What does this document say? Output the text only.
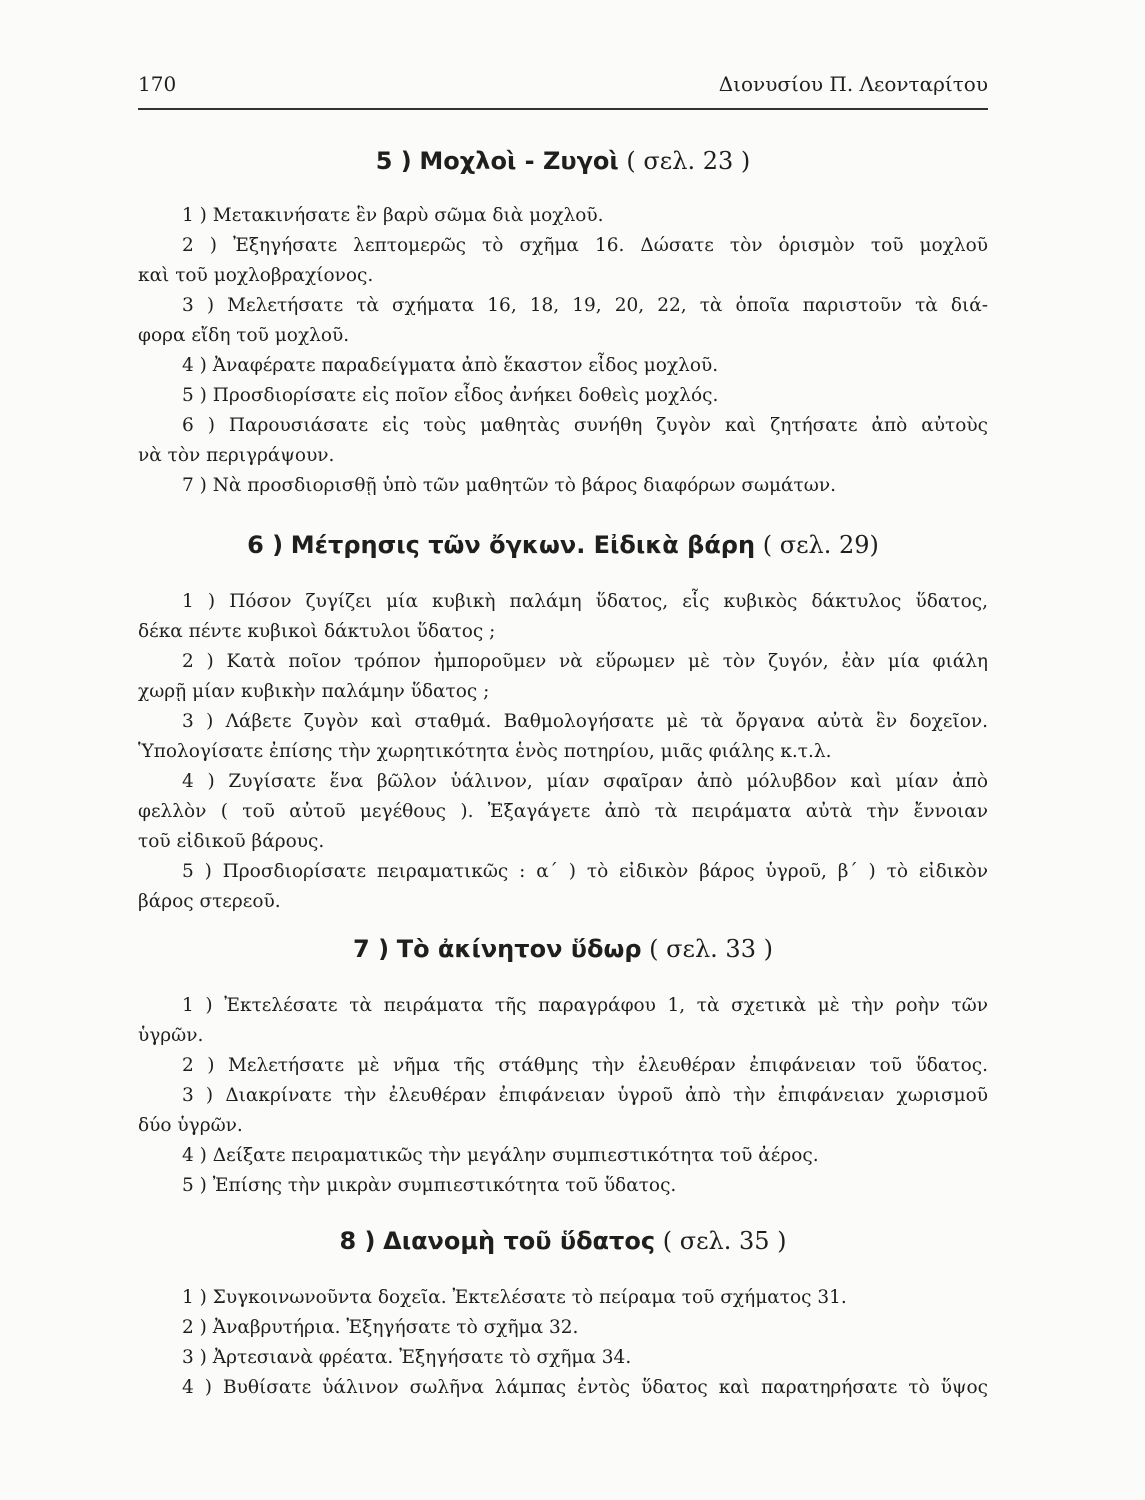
170	Διονυσίου Π. Λεονταρίτου
5 ) Μοχλοὶ - Ζυγοὶ ( σελ. 23 )
1 ) Μετακινήσατε ἓν βαρὺ σῶμα διὰ μοχλοῦ.
2 ) Ἐξηγήσατε λεπτομερῶς τὸ σχῆμα 16. Δώσατε τὸν ὁρισμὸν τοῦ μοχλοῦ
καὶ τοῦ μοχλοβραχίονος.
3 ) Μελετήσατε τὰ σχήματα 16, 18, 19, 20, 22, τὰ ὁποῖα παριστοῦν τὰ διά-
φορα εἴδη τοῦ μοχλοῦ.
4 ) Ἀναφέρατε παραδείγματα ἀπὸ ἕκαστον εἶδος μοχλοῦ.
5 ) Προσδιορίσατε εἰς ποῖον εἶδος ἀνήκει δοθεὶς μοχλός.
6 ) Παρουσιάσατε εἰς τοὺς μαθητὰς συνήθη ζυγὸν καὶ ζητήσατε ἀπὸ αὐτοὺς
νὰ τὸν περιγράψουν.
7 ) Νὰ προσδιορισθῇ ὑπὸ τῶν μαθητῶν τὸ βάρος διαφόρων σωμάτων.
6 ) Μέτρησις τῶν ὄγκων. Εἰδικὰ βάρη ( σελ. 29)
1 ) Πόσον ζυγίζει μία κυβικὴ παλάμη ὕδατος, εἷς κυβικὸς δάκτυλος ὕδατος,
δέκα πέντε κυβικοὶ δάκτυλοι ὕδατος ;
2 ) Κατὰ ποῖον τρόπον ἠμποροῦμεν νὰ εὕρωμεν μὲ τὸν ζυγόν, ἐὰν μία φιάλη
χωρῇ μίαν κυβικὴν παλάμην ὕδατος ;
3 ) Λάβετε ζυγὸν καὶ σταθμά. Βαθμολογήσατε μὲ τὰ ὄργανα αὐτὰ ἓν δοχεῖον.
Ὑπολογίσατε ἐπίσης τὴν χωρητικότητα ἑνὸς ποτηρίου, μιᾶς φιάλης κ.τ.λ.
4 ) Ζυγίσατε ἕνα βῶλον ὑάλινον, μίαν σφαῖραν ἀπὸ μόλυβδον καὶ μίαν ἀπὸ
φελλὸν ( τοῦ αὐτοῦ μεγέθους ). Ἐξαγάγετε ἀπὸ τὰ πειράματα αὐτὰ τὴν ἔννοιαν
τοῦ εἰδικοῦ βάρους.
5 ) Προσδιορίσατε πειραματικῶς : α΄ ) τὸ εἰδικὸν βάρος ὑγροῦ, β΄ ) τὸ εἰδικὸν
βάρος στερεοῦ.
7 ) Τὸ ἀκίνητον ὕδωρ ( σελ. 33 )
1 ) Ἐκτελέσατε τὰ πειράματα τῆς παραγράφου 1, τὰ σχετικὰ μὲ τὴν ροὴν τῶν
ὑγρῶν.
2 ) Μελετήσατε μὲ νῆμα τῆς στάθμης τὴν ἐλευθέραν ἐπιφάνειαν τοῦ ὕδατος.
3 ) Διακρίνατε τὴν ἐλευθέραν ἐπιφάνειαν ὑγροῦ ἀπὸ τὴν ἐπιφάνειαν χωρισμοῦ
δύο ὑγρῶν.
4 ) Δείξατε πειραματικῶς τὴν μεγάλην συμπιεστικότητα τοῦ ἀέρος.
5 ) Ἐπίσης τὴν μικρὰν συμπιεστικότητα τοῦ ὕδατος.
8 ) Διανομὴ τοῦ ὕδατος ( σελ. 35 )
1 ) Συγκοινωνοῦντα δοχεῖα. Ἐκτελέσατε τὸ πείραμα τοῦ σχήματος 31.
2 ) Ἀναβρυτήρια. Ἐξηγήσατε τὸ σχῆμα 32.
3 ) Ἀρτεσιανὰ φρέατα. Ἐξηγήσατε τὸ σχῆμα 34.
4 ) Βυθίσατε ὑάλινον σωλῆνα λάμπας ἐντὸς ὕδατος καὶ παρατηρήσατε τὸ ὕψος
